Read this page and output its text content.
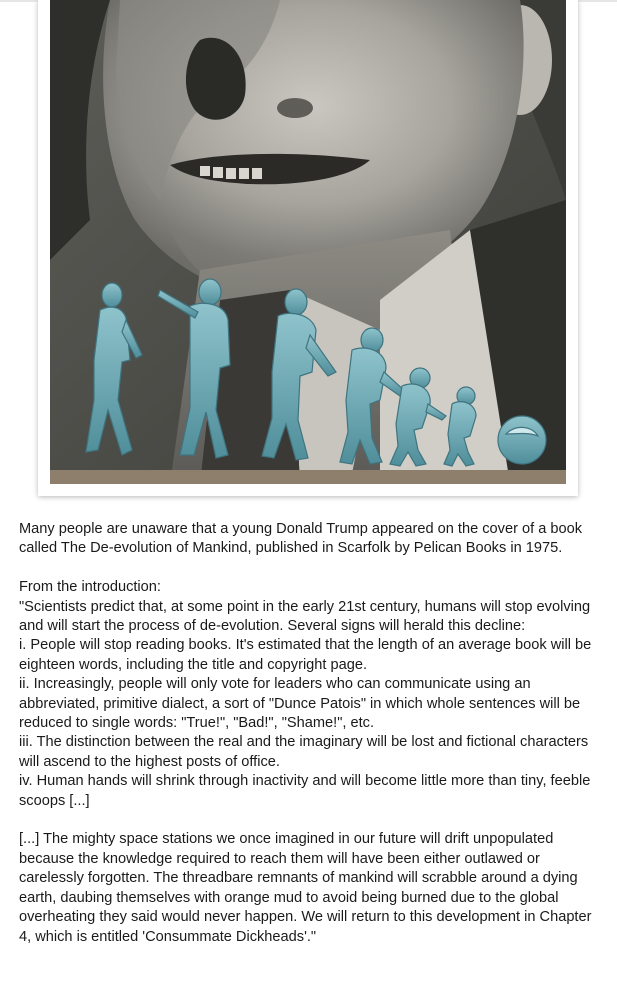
Many people are unaware that a young Donald Trump appeared on the cover of a book called The De-evolution of Mankind, published in Scarfolk by Pelican Books in 1975.

From the introduction:

"Scientists predict that, at some point in the early 21st century, humans will stop evolving and will start the process of de-evolution. Several signs will herald this decline:

i. People will stop reading books. It's estimated that the length of an average book will be eighteen words, including the title and copyright page.

ii. Increasingly, people will only vote for leaders who can communicate using an abbreviated, primitive dialect, a sort of "Dunce Patois" in which whole sentences will be reduced to single words: "True!", "Bad!", "Shame!", etc.

iii. The distinction between the real and the imaginary will be lost and fictional characters will ascend to the highest posts of office.

iv. Human hands will shrink through inactivity and will become little more than tiny, feeble scoops [...]

[...] The mighty space stations we once imagined in our future will drift unpopulated because the knowledge required to reach them will have been either outlawed or carelessly forgotten. The threadbare remnants of mankind will scrabble around a dying earth, daubing themselves with orange mud to avoid being burned due to the global overheating they said would never happen. We will return to this development in Chapter 4, which is entitled 'Consummate Dickheads'."
